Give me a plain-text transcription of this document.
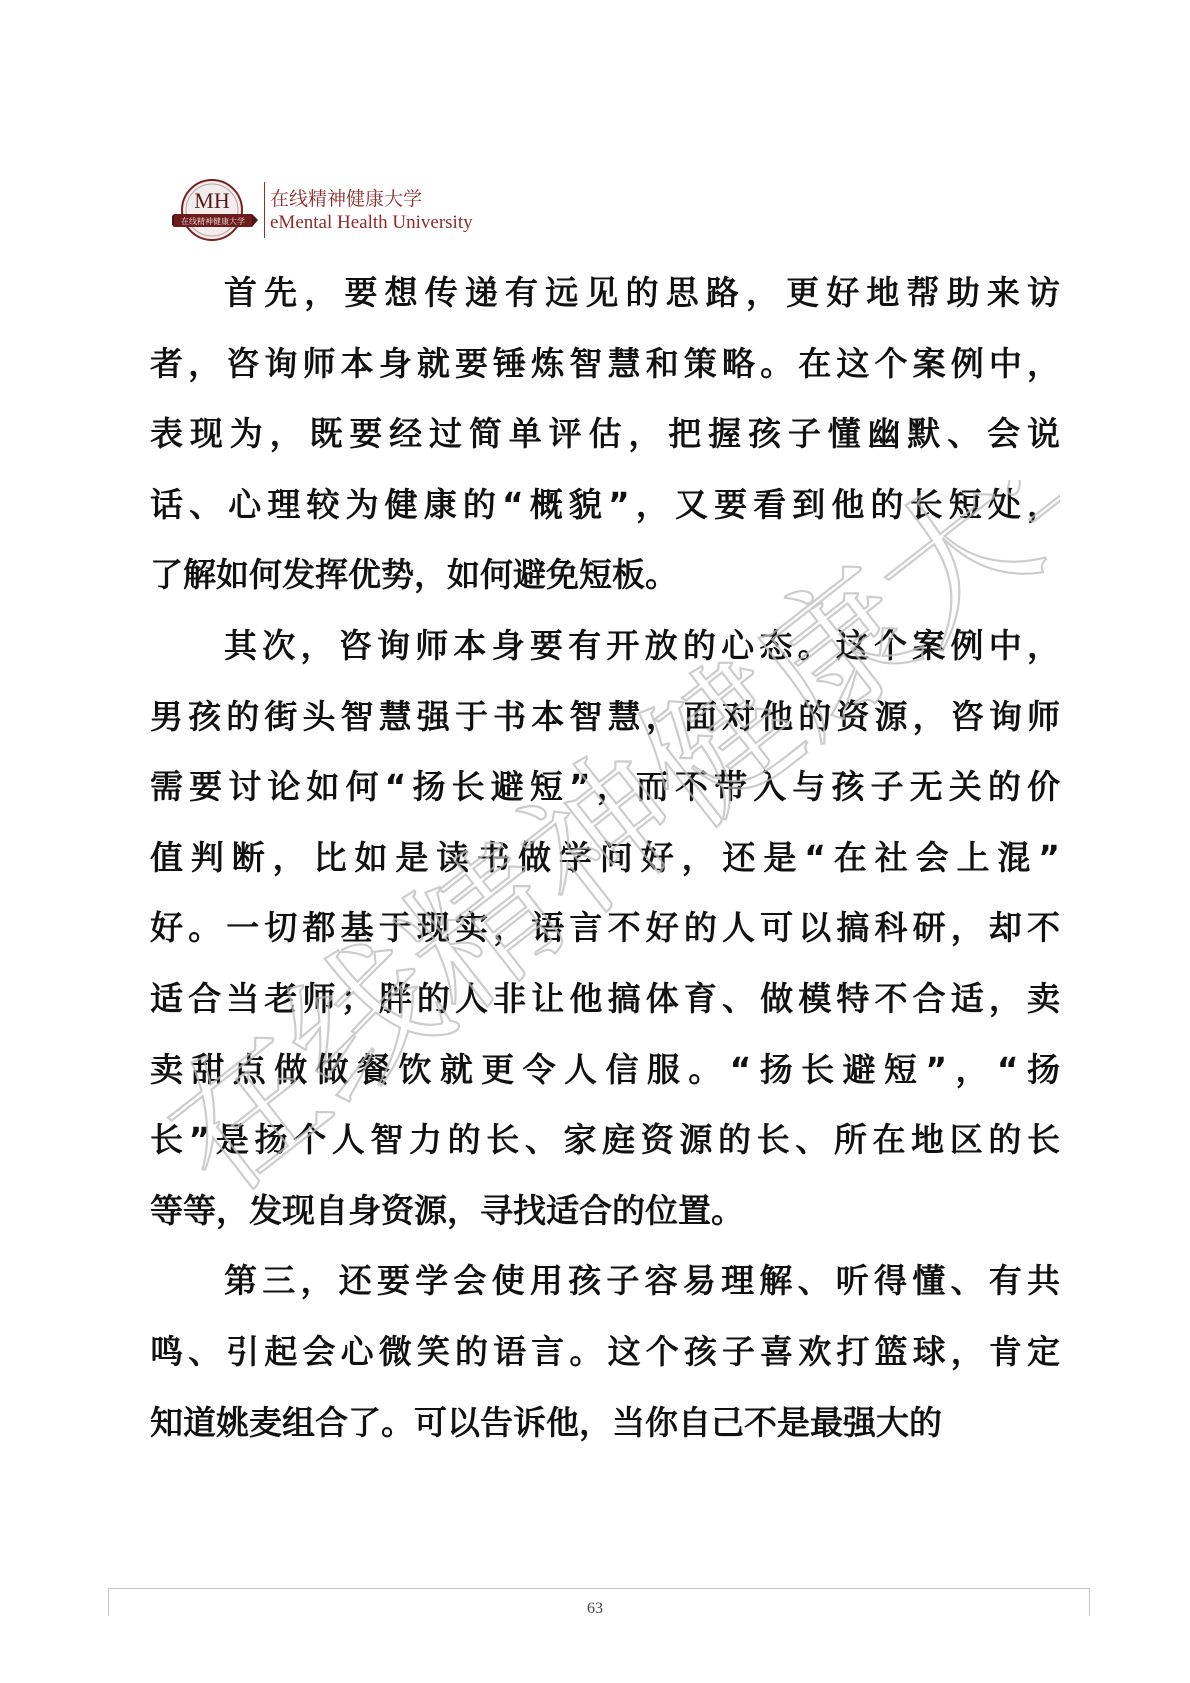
MH
在线精神健康大学
在线精神健康大学
eMental Health University
首先，要想传递有远见的思路，更好地帮助来访
者，咨询师本身就要锤炼智慧和策略。在这个案例中，
表现为，既要经过简单评估，把握孩子懂幽默、会说
话、心理较为健康的“概貌”，又要看到他的长短处，
了解如何发挥优势，如何避免短板。
其次，咨询师本身要有开放的心态。这个案例中，
男孩的街头智慧强于书本智慧，面对他的资源，咨询师
需要讨论如何“扬长避短”，而不带入与孩子无关的价
值判断，比如是读书做学问好，还是“在社会上混”
好。一切都基于现实，语言不好的人可以搞科研，却不
适合当老师；胖的人非让他搞体育、做模特不合适，卖
卖甜点做做餐饮就更令人信服。“扬长避短”，“扬
长”是扬个人智力的长、家庭资源的长、所在地区的长
等等，发现自身资源，寻找适合的位置。
第三，还要学会使用孩子容易理解、听得懂、有共
鸣、引起会心微笑的语言。这个孩子喜欢打篮球，肯定
知道姚麦组合了。可以告诉他，当你自己不是最强大的
在线精神健康大学
63
